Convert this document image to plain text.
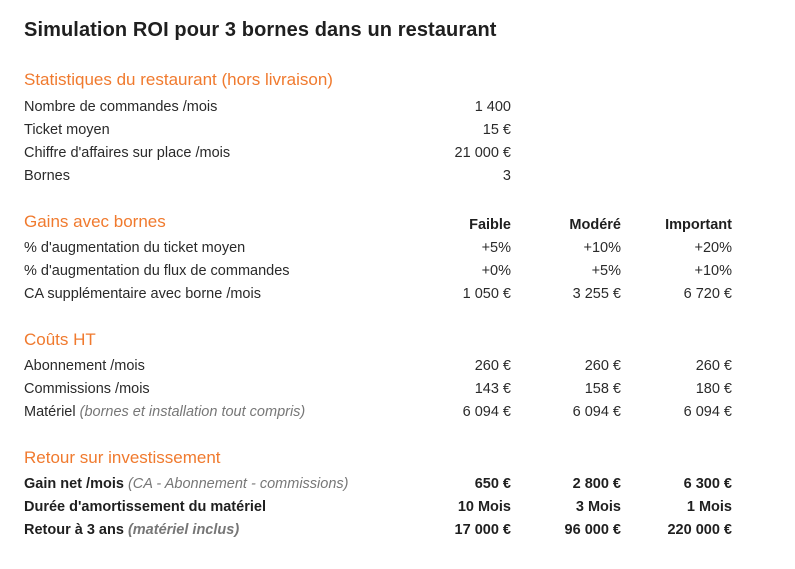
Simulation ROI pour 3 bornes dans un restaurant
Statistiques du restaurant (hors livraison)
Nombre de commandes /mois	1 400
Ticket moyen	15 €
Chiffre d'affaires sur place /mois	21 000 €
Bornes	3
Gains avec bornes	Faible	Modéré	Important
% d'augmentation du ticket moyen	+5%	+10%	+20%
% d'augmentation du flux de commandes	+0%	+5%	+10%
CA supplémentaire avec borne /mois	1 050 €	3 255 €	6 720 €
Coûts HT
Abonnement /mois	260 €	260 €	260 €
Commissions /mois	143 €	158 €	180 €
Matériel (bornes et installation tout compris)	6 094 €	6 094 €	6 094 €
Retour sur investissement
Gain net /mois (CA - Abonnement - commissions)	650 €	2 800 €	6 300 €
Durée d'amortissement du matériel	10 Mois	3 Mois	1 Mois
Retour à 3 ans (matériel inclus)	17 000 €	96 000 €	220 000 €
